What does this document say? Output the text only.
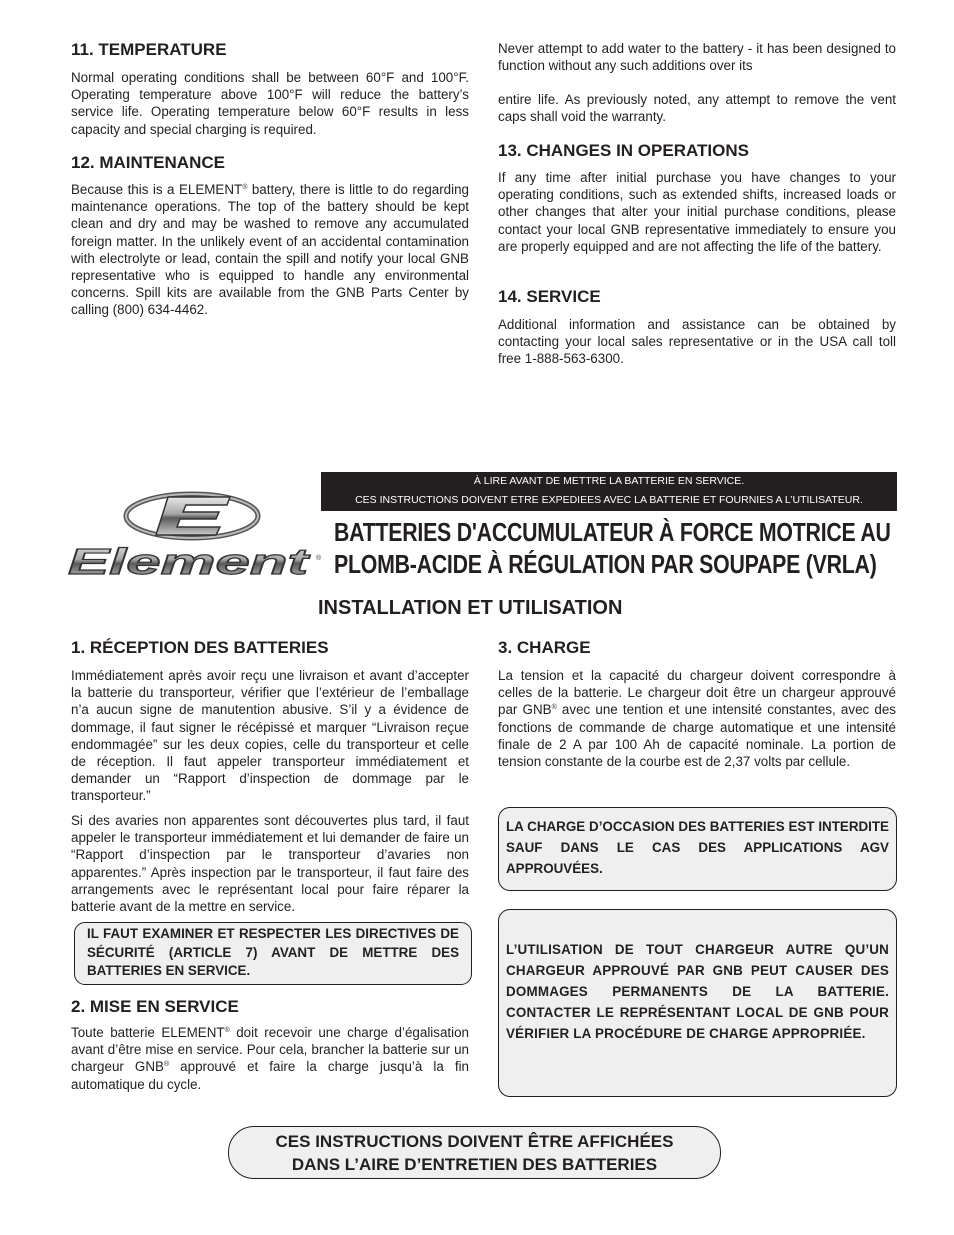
11. TEMPERATURE

Normal operating conditions shall be between 60°F and 100°F. Operating temperature above 100°F will reduce the battery’s service life. Operating temperature below 60°F results in less capacity and special charging is required.

12. MAINTENANCE

Because this is a ELEMENT® battery, there is little to do regarding maintenance operations. The top of the battery should be kept clean and dry and may be washed to remove any accumulated foreign matter. In the unlikely event of an accidental contamination with electrolyte or lead, contain the spill and notify your local GNB representative who is equipped to handle any environmental concerns. Spill kits are available from the GNB Parts Center by calling (800) 634-4462.

Never attempt to add water to the battery - it has been designed to function without any such additions over its

entire life. As previously noted, any attempt to remove the vent caps shall void the warranty.

13. CHANGES IN OPERATIONS

If any time after initial purchase you have changes to your operating conditions, such as extended shifts, increased loads or other changes that alter your initial purchase conditions, please contact your local GNB representative immediately to ensure you are properly equipped and are not affecting the life of the battery.

14. SERVICE

Additional information and assistance can be obtained by contacting your local sales representative or in the USA call toll free 1-888-563-6300.

À LIRE AVANT DE METTRE LA BATTERIE EN SERVICE.
CES INSTRUCTIONS DOIVENT ETRE EXPEDIEES AVEC LA BATTERIE ET FOURNIES A L’UTILISATEUR.
Element ®
BATTERIES D'ACCUMULATEUR À FORCE MOTRICE AU
PLOMB-ACIDE À RÉGULATION PAR SOUPAPE (VRLA)
INSTALLATION ET UTILISATION
1. RÉCEPTION DES BATTERIES

Immédiatement après avoir reçu une livraison et avant d’accepter la batterie du transporteur, vérifier que l’extérieur de l’emballage n’a aucun signe de manutention abusive. S’il y a évidence de dommage, il faut signer le récépissé et marquer “Livraison reçue endommagée” sur les deux copies, celle du transporteur et celle de réception. Il faut appeler transporteur immédiatement et demander un “Rapport d’inspection de dommage par le transporteur.”

Si des avaries non apparentes sont découvertes plus tard, il faut appeler le transporteur immédiatement et lui demander de faire un “Rapport d’inspection par le transporteur d’avaries non apparentes.” Après inspection par le transporteur, il faut faire des arrangements avec le représentant local pour faire réparer la batterie avant de la mettre en service.

IL FAUT EXAMINER ET RESPECTER LES DIRECTIVES DE SÉCURITÉ (ARTICLE 7) AVANT DE METTRE DES BATTERIES EN SERVICE.
2. MISE EN SERVICE

Toute batterie ELEMENT® doit recevoir une charge d’égalisation avant d’être mise en service. Pour cela, brancher la batterie sur un chargeur GNB® approuvé et faire la charge jusqu’à la fin automatique du cycle.

3. CHARGE

La tension et la capacité du chargeur doivent correspondre à celles de la batterie. Le chargeur doit être un chargeur approuvé par GNB® avec une tention et une intensité constantes, avec des fonctions de commande de charge automatique et une intensité finale de 2 A par 100 Ah de capacité nominale. La portion de tension constante de la courbe est de 2,37 volts par cellule.

LA CHARGE D’OCCASION DES BATTERIES EST INTERDITE SAUF DANS LE CAS DES APPLICATIONS AGV APPROUVÉES.
L’UTILISATION DE TOUT CHARGEUR AUTRE QU’UN CHARGEUR APPROUVÉ PAR GNB PEUT CAUSER DES DOMMAGES PERMANENTS DE LA BATTERIE. CONTACTER LE REPRÉSENTANT LOCAL DE GNB POUR VÉRIFIER LA PROCÉDURE DE CHARGE APPROPRIÉE.
CES INSTRUCTIONS DOIVENT ÊTRE AFFICHÉES
DANS L’AIRE D’ENTRETIEN DES BATTERIES
